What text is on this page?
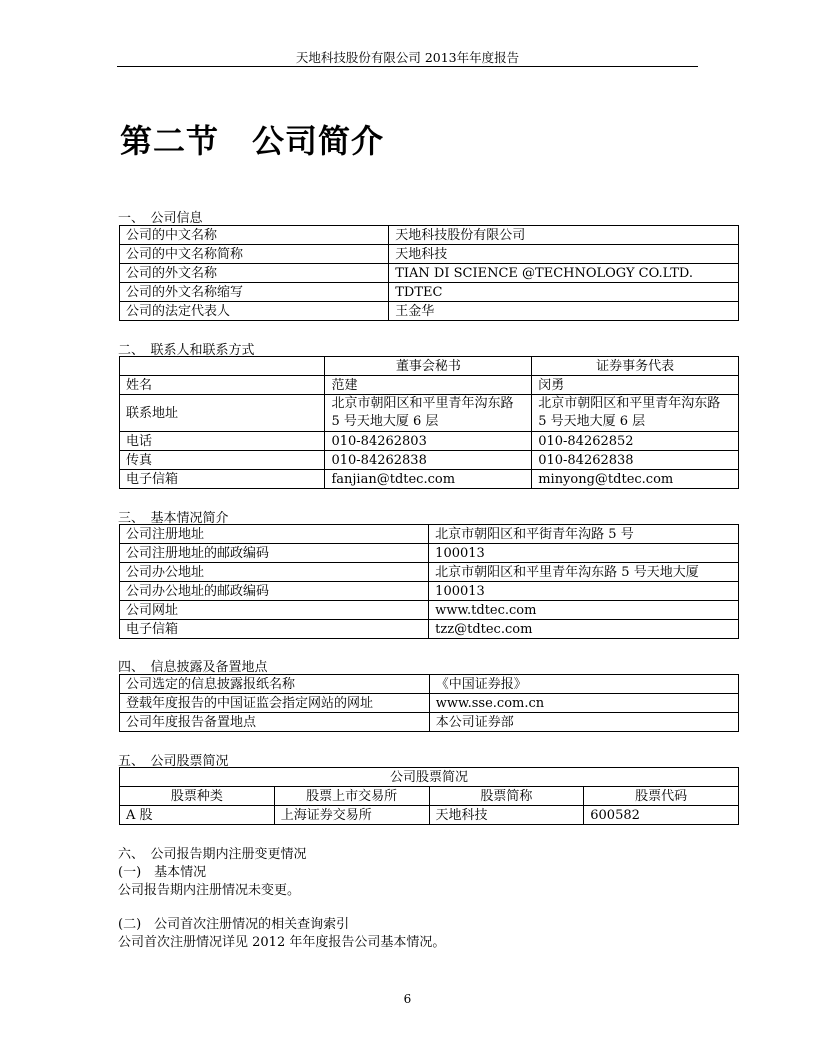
天地科技股份有限公司 2013年年度报告
第二节　公司简介
一、　公司信息
公司的中文名称	天地科技股份有限公司
公司的中文名称简称	天地科技
公司的外文名称	TIAN DI SCIENCE @TECHNOLOGY CO.LTD.
公司的外文名称缩写	TDTEC
公司的法定代表人	王金华
二、　联系人和联系方式
	董事会秘书	证券事务代表
姓名	范建	闵勇
联系地址	北京市朝阳区和平里青年沟东路 5 号天地大厦 6 层	北京市朝阳区和平里青年沟东路 5 号天地大厦 6 层
电话	010-84262803	010-84262852
传真	010-84262838	010-84262838
电子信箱	fanjian@tdtec.com	minyong@tdtec.com
三、　基本情况简介
公司注册地址	北京市朝阳区和平街青年沟路 5 号
公司注册地址的邮政编码	100013
公司办公地址	北京市朝阳区和平里青年沟东路 5 号天地大厦
公司办公地址的邮政编码	100013
公司网址	www.tdtec.com
电子信箱	tzz@tdtec.com
四、　信息披露及备置地点
公司选定的信息披露报纸名称	《中国证券报》
登载年度报告的中国证监会指定网站的网址	www.sse.com.cn
公司年度报告备置地点	本公司证券部
五、　公司股票简况
公司股票简况			
股票种类	股票上市交易所	股票简称	股票代码
A 股	上海证券交易所	天地科技	600582
六、　公司报告期内注册变更情况
(一)　基本情况
公司报告期内注册情况未变更。
(二)　公司首次注册情况的相关查询索引
公司首次注册情况详见 2012 年年度报告公司基本情况。
6
